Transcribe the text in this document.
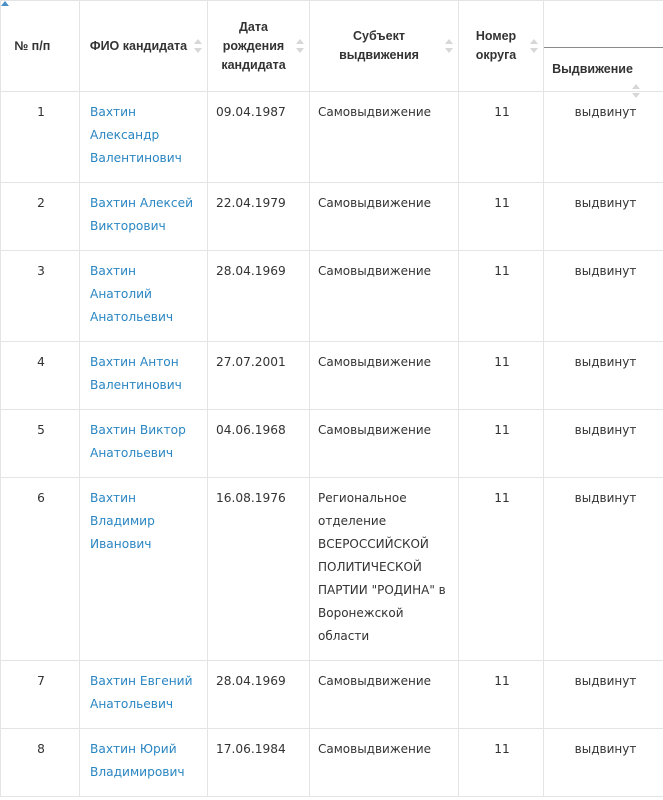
№ п/п	ФИО кандидата	Дата рождения кандидата	Субъект выдвижения	Номер округа	Выдвижение

1	Вахтин Александр Валентинович	09.04.1987	Самовыдвижение	11	выдвинут
2	Вахтин Алексей Викторович	22.04.1979	Самовыдвижение	11	выдвинут
3	Вахтин Анатолий Анатольевич	28.04.1969	Самовыдвижение	11	выдвинут
4	Вахтин Антон Валентинович	27.07.2001	Самовыдвижение	11	выдвинут
5	Вахтин Виктор Анатольевич	04.06.1968	Самовыдвижение	11	выдвинут
6	Вахтин Владимир Иванович	16.08.1976	Региональное отделение ВСЕРОССИЙСКОЙ ПОЛИТИЧЕСКОЙ ПАРТИИ "РОДИНА" в Воронежской области	11	выдвинут
7	Вахтин Евгений Анатольевич	28.04.1969	Самовыдвижение	11	выдвинут
8	Вахтин Юрий Владимирович	17.06.1984	Самовыдвижение	11	выдвинут
